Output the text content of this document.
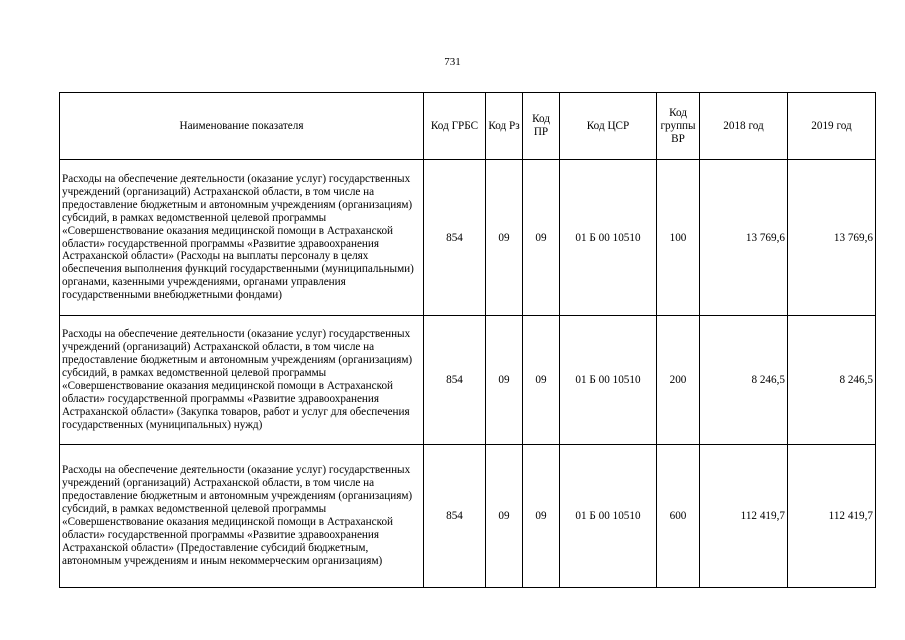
731
Наименование показателя	Код ГРБС	Код Рз	Код ПР	Код ЦСР	Код группы ВР	2018 год	2019 год
Расходы на обеспечение деятельности (оказание услуг) государственных учреждений (организаций) Астраханской области, в том числе на предоставление бюджетным и автономным учреждениям (организациям) субсидий, в рамках ведомственной целевой программы «Совершенствование оказания медицинской помощи в Астраханской области» государственной программы «Развитие здравоохранения Астраханской области» (Расходы на выплаты персоналу в целях обеспечения выполнения функций государственными (муниципальными) органами, казенными учреждениями, органами управления государственными внебюджетными фондами)	854	09	09	01 Б 00 10510	100	13 769,6	13 769,6
Расходы на обеспечение деятельности (оказание услуг) государственных учреждений (организаций) Астраханской области, в том числе на предоставление бюджетным и автономным учреждениям (организациям) субсидий, в рамках ведомственной целевой программы «Совершенствование оказания медицинской помощи в Астраханской области» государственной программы «Развитие здравоохранения Астраханской области» (Закупка товаров, работ и услуг для обеспечения государственных (муниципальных) нужд)	854	09	09	01 Б 00 10510	200	8 246,5	8 246,5
Расходы на обеспечение деятельности (оказание услуг) государственных учреждений (организаций) Астраханской области, в том числе на предоставление бюджетным и автономным учреждениям (организациям) субсидий, в рамках ведомственной целевой программы «Совершенствование оказания медицинской помощи в Астраханской области» государственной программы «Развитие здравоохранения Астраханской области» (Предоставление субсидий бюджетным, автономным учреждениям и иным некоммерческим организациям)	854	09	09	01 Б 00 10510	600	112 419,7	112 419,7
